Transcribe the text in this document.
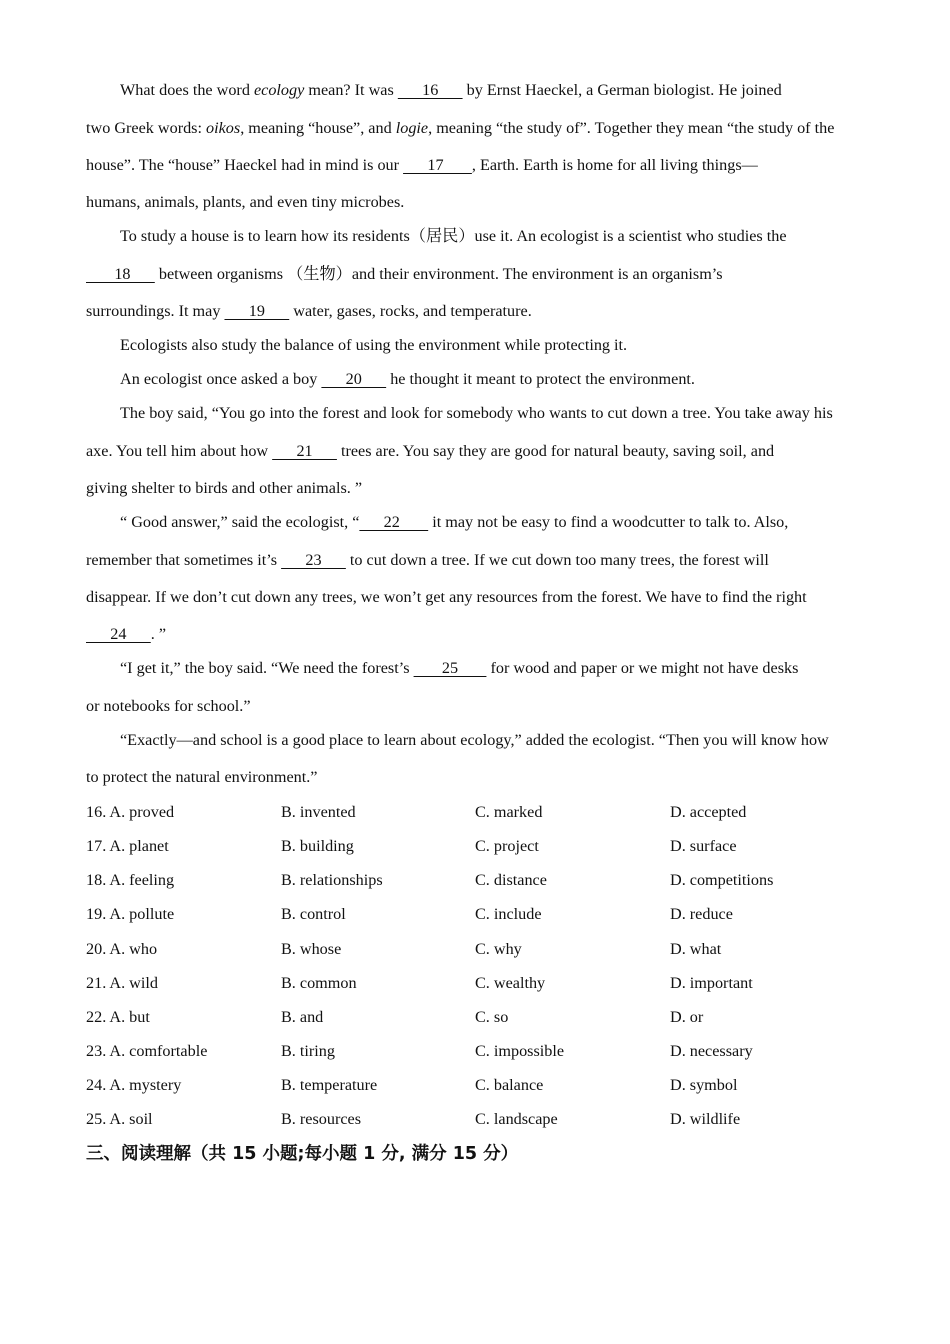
What does the word ecology mean? It was       16       by Ernst Haeckel, a German biologist. He joined
two Greek words: oikos, meaning “house”, and logie, meaning “the study of”. Together they mean “the study of the
house”. The “house” Haeckel had in mind is our       17       , Earth. Earth is home for all living things—
humans, animals, plants, and even tiny microbes.
To study a house is to learn how its residents（居民）use it. An ecologist is a scientist who studies the
18       between organisms （生物）and their environment. The environment is an organism’s
surroundings. It may       19       water, gases, rocks, and temperature.
Ecologists also study the balance of using the environment while protecting it.
An ecologist once asked a boy       20       he thought it meant to protect the environment.
The boy said, “You go into the forest and look for somebody who wants to cut down a tree. You take away his
axe. You tell him about how       21       trees are. You say they are good for natural beauty, saving soil, and
giving shelter to birds and other animals. ”
“ Good answer,” said the ecologist, “      22        it may not be easy to find a woodcutter to talk to. Also,
remember that sometimes it’s       23       to cut down a tree. If we cut down too many trees, the forest will
disappear. If we don’t cut down any trees, we won’t get any resources from the forest. We have to find the right
24      . ”
“I get it,” the boy said. “We need the forest’s        25        for wood and paper or we might not have desks
or notebooks for school.”
“Exactly—and school is a good place to learn about ecology,” added the ecologist. “Then you will know how
to protect the natural environment.”
16. A. proved	B. invented	C. marked	D. accepted
17. A. planet	B. building	C. project	D. surface
18. A. feeling	B. relationships	C. distance	D. competitions
19. A. pollute	B. control	C. include	D. reduce
20. A. who	B. whose	C. why	D. what
21. A. wild	B. common	C. wealthy	D. important
22. A. but	B. and	C. so	D. or
23. A. comfortable	B. tiring	C. impossible	D. necessary
24. A. mystery	B. temperature	C. balance	D. symbol
25. A. soil	B. resources	C. landscape	D. wildlife
三、阅读理解（共 15 小题;每小题 1 分, 满分 15 分）
